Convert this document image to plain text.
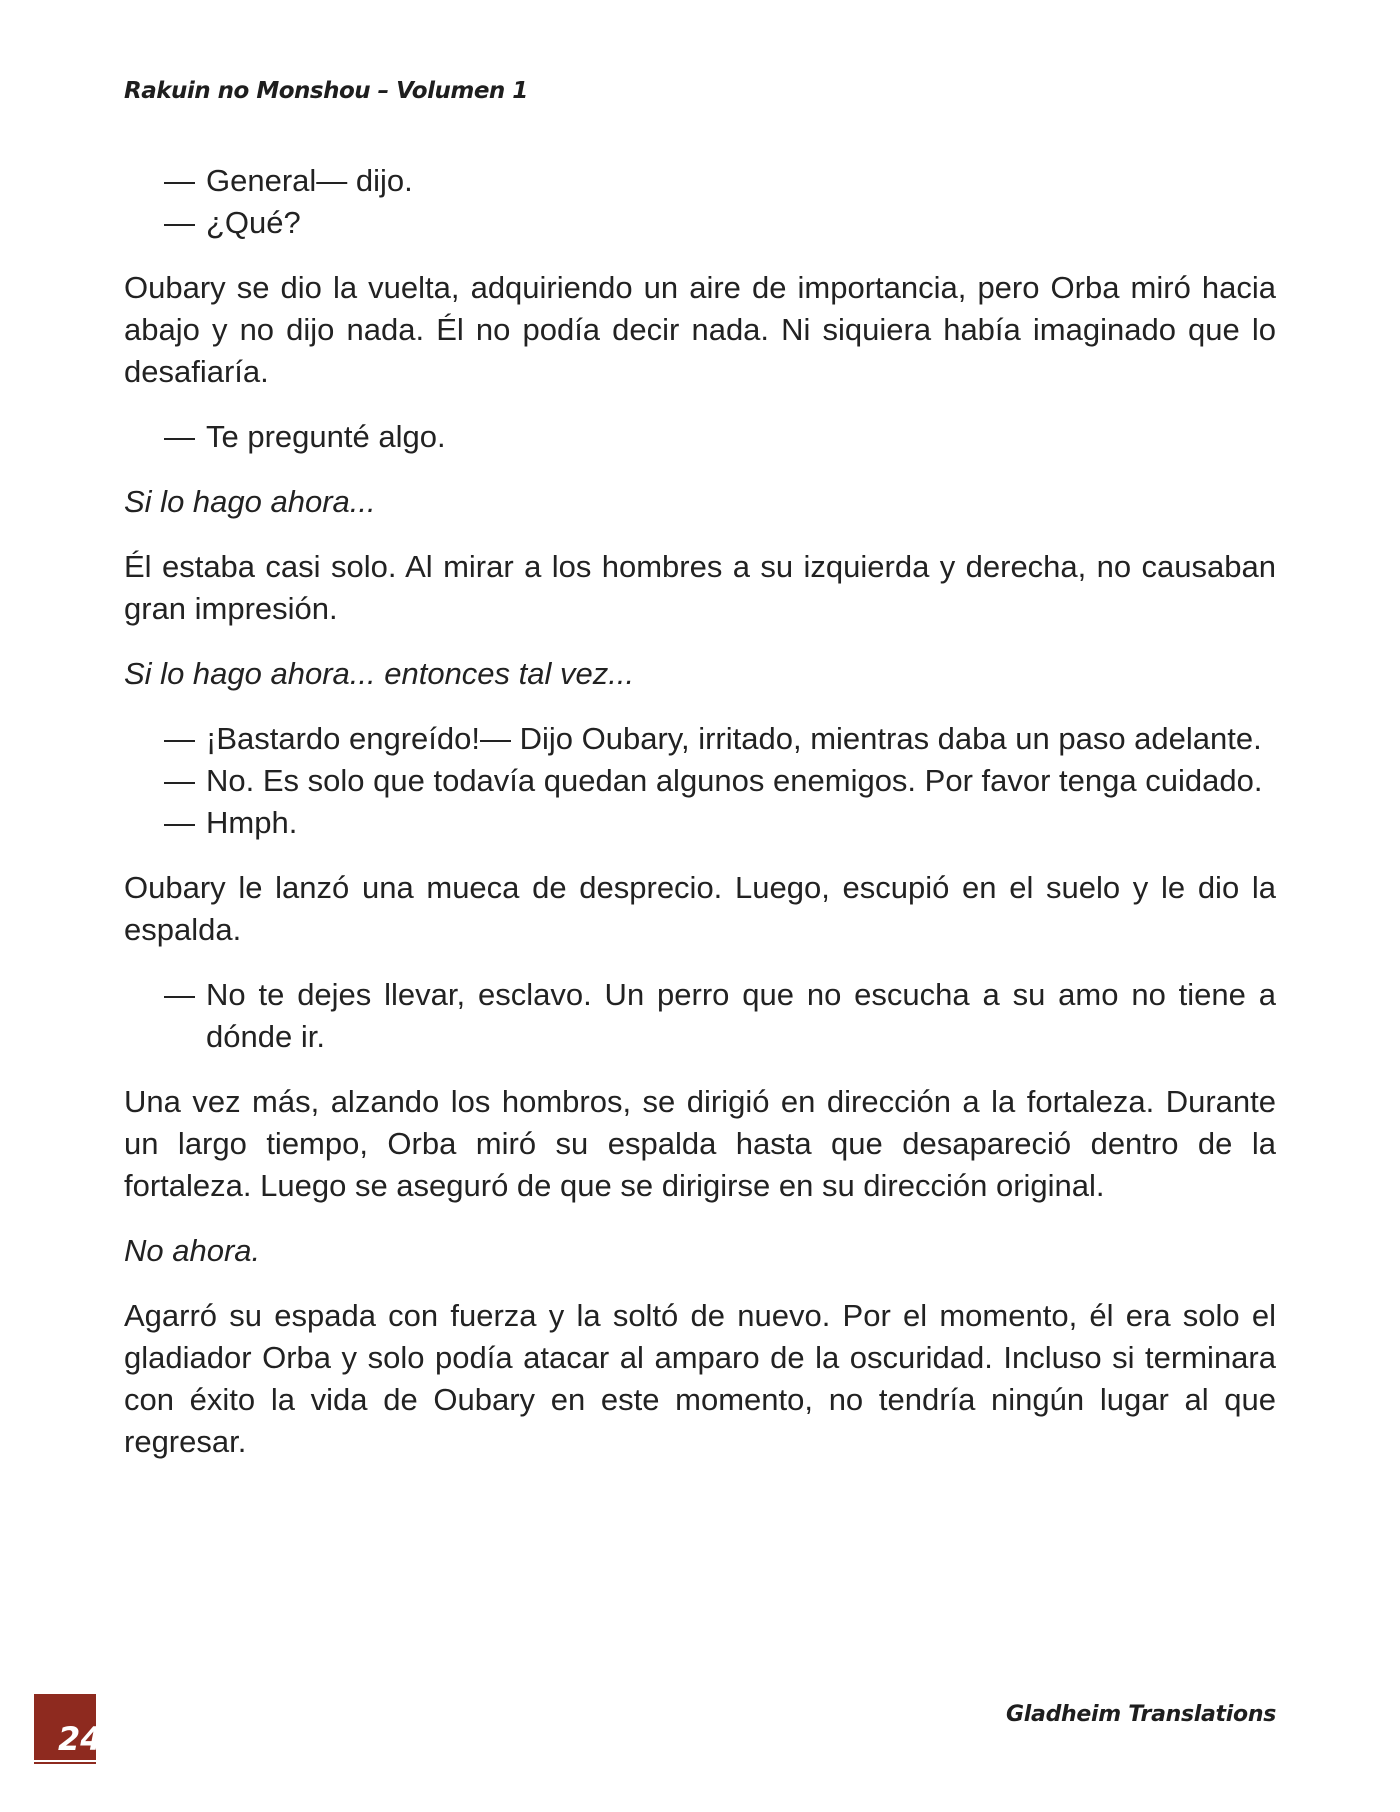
Rakuin no Monshou – Volumen 1
— General— dijo.
— ¿Qué?

Oubary se dio la vuelta, adquiriendo un aire de importancia, pero Orba miró hacia abajo y no dijo nada. Él no podía decir nada. Ni siquiera había imaginado que lo desafiaría.

— Te pregunté algo.

Si lo hago ahora...

Él estaba casi solo. Al mirar a los hombres a su izquierda y derecha, no causaban gran impresión.

Si lo hago ahora... entonces tal vez...

— ¡Bastardo engreído!— Dijo Oubary, irritado, mientras daba un paso adelante.
— No. Es solo que todavía quedan algunos enemigos. Por favor tenga cuidado.
— Hmph.

Oubary le lanzó una mueca de desprecio. Luego, escupió en el suelo y le dio la espalda.

— No te dejes llevar, esclavo. Un perro que no escucha a su amo no tiene a dónde ir.

Una vez más, alzando los hombros, se dirigió en dirección a la fortaleza. Durante un largo tiempo, Orba miró su espalda hasta que desapareció dentro de la fortaleza. Luego se aseguró de que se dirigirse en su dirección original.

No ahora.

Agarró su espada con fuerza y la soltó de nuevo. Por el momento, él era solo el gladiador Orba y solo podía atacar al amparo de la oscuridad. Incluso si terminara con éxito la vida de Oubary en este momento, no tendría ningún lugar al que regresar.

24
Gladheim Translations
